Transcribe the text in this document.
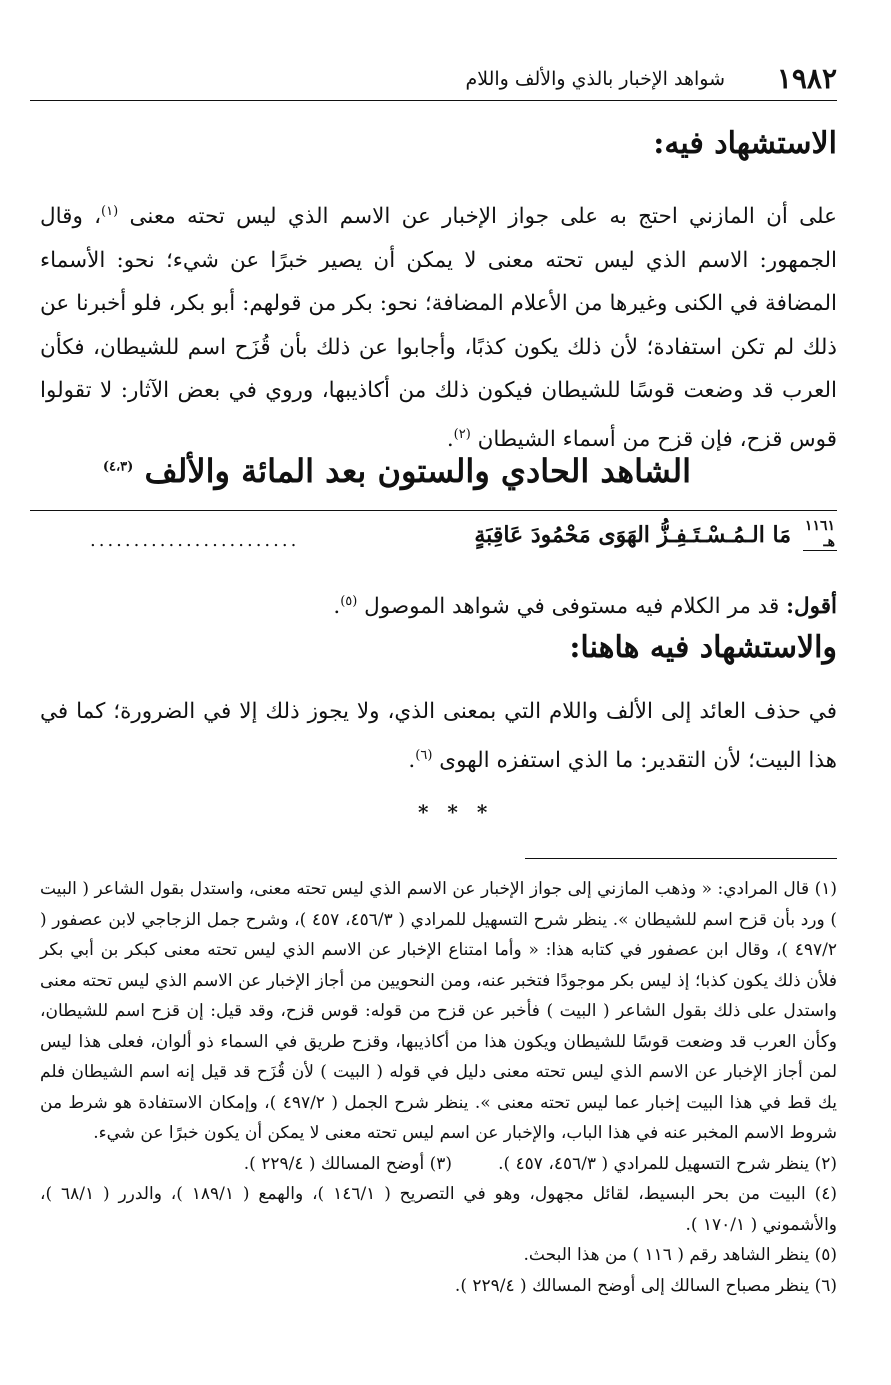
١٩٨٢
شواهد الإخبار بالذي والألف واللام
الاستشهاد فيه:

على أن المازني احتج به على جواز الإخبار عن الاسم الذي ليس تحته معنى $^{(١)}$، وقال الجمهور: الاسم الذي ليس تحته معنى لا يمكن أن يصير خبرًا عن شيء؛ نحو: الأسماء المضافة في الكنى وغيرها من الأعلام المضافة؛ نحو: بكر من قولهم: أبو بكر، فلو أخبرنا عن ذلك لم تكن استفادة؛ لأن ذلك يكون كذبًا، وأجابوا عن ذلك بأن قُزَح اسم للشيطان، فكأن العرب قد وضعت قوسًا للشيطان فيكون ذلك من أكاذيبها، وروي في بعض الآثار: لا تقولوا قوس قزح، فإن قزح من أسماء الشيطان $^{(٢)}$.

الشاهد الحادي والستون بعد المائة والألف $^{(٤،٣)}$
١١٦١
هـ
مَا الـمُـسْـتَـفِـزُّ الهَوَى مَحْمُودَ عَاقِبَةٍ
........................

أقول: قد مر الكلام فيه مستوفى في شواهد الموصول $^{(٥)}$.

والاستشهاد فيه هاهنا:

في حذف العائد إلى الألف واللام التي بمعنى الذي، ولا يجوز ذلك إلا في الضرورة؛ كما في هذا البيت؛ لأن التقدير: ما الذي استفزه الهوى $^{(٦)}$.

* * *
(١) قال المرادي: « وذهب المازني إلى جواز الإخبار عن الاسم الذي ليس تحته معنى، واستدل بقول الشاعر ( البيت ) ورد بأن قزح اسم للشيطان ». ينظر شرح التسهيل للمرادي ( ٤٥٦/٣، ٤٥٧ )، وشرح جمل الزجاجي لابن عصفور ( ٤٩٧/٢ )، وقال ابن عصفور في كتابه هذا: « وأما امتناع الإخبار عن الاسم الذي ليس تحته معنى كبكر بن أبي بكر فلأن ذلك يكون كذبا؛ إذ ليس بكر موجودًا فتخبر عنه، ومن النحويين من أجاز الإخبار عن الاسم الذي ليس تحته معنى واستدل على ذلك بقول الشاعر ( البيت ) فأخبر عن قزح من قوله: قوس قزح، وقد قيل: إن قزح اسم للشيطان، وكأن العرب قد وضعت قوسًا للشيطان ويكون هذا من أكاذيبها، وقزح طريق في السماء ذو ألوان، فعلى هذا ليس لمن أجاز الإخبار عن الاسم الذي ليس تحته معنى دليل في قوله ( البيت ) لأن قُزَح قد قيل إنه اسم الشيطان فلم يك قط في هذا البيت إخبار عما ليس تحته معنى ». ينظر شرح الجمل ( ٤٩٧/٢ )، وإمكان الاستفادة هو شرط من شروط الاسم المخبر عنه في هذا الباب، والإخبار عن اسم ليس تحته معنى لا يمكن أن يكون خبرًا عن شيء.
(٢) ينظر شرح التسهيل للمرادي ( ٤٥٦/٣، ٤٥٧ ).
(٣) أوضح المسالك ( ٢٢٩/٤ ).
(٤) البيت من بحر البسيط، لقائل مجهول، وهو في التصريح ( ١٤٦/١ )، والهمع ( ١٨٩/١ )، والدرر ( ٦٨/١ )، والأشموني ( ١٧٠/١ ).
(٥) ينظر الشاهد رقم ( ١١٦ ) من هذا البحث.
(٦) ينظر مصباح السالك إلى أوضح المسالك ( ٢٢٩/٤ ).
